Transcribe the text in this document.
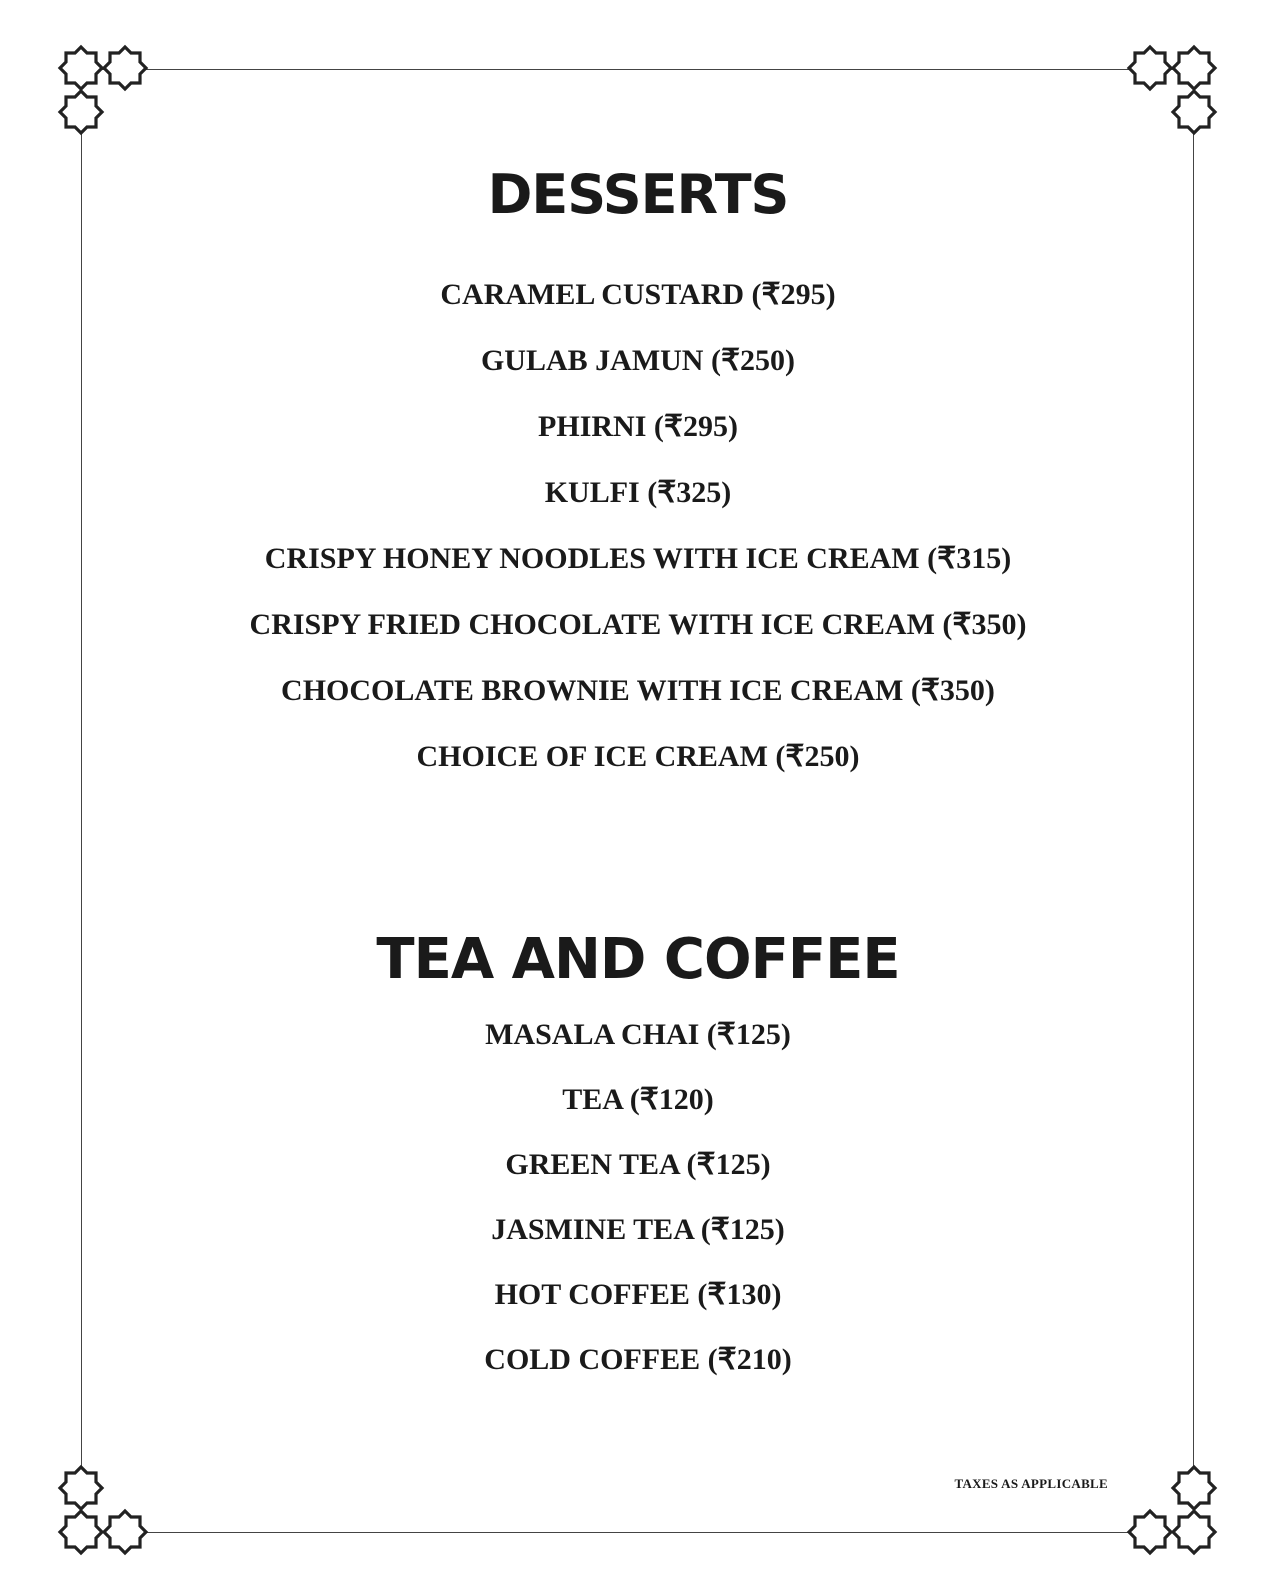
DESSERTS
CARAMEL CUSTARD (₹295)
GULAB JAMUN (₹250)
PHIRNI (₹295)
KULFI (₹325)
CRISPY HONEY NOODLES WITH ICE CREAM (₹315)
CRISPY FRIED CHOCOLATE WITH ICE CREAM (₹350)
CHOCOLATE BROWNIE WITH ICE CREAM (₹350)
CHOICE OF ICE CREAM (₹250)
TEA AND COFFEE
MASALA CHAI (₹125)
TEA (₹120)
GREEN TEA (₹125)
JASMINE TEA (₹125)
HOT COFFEE (₹130)
COLD COFFEE (₹210)
TAXES AS APPLICABLE
